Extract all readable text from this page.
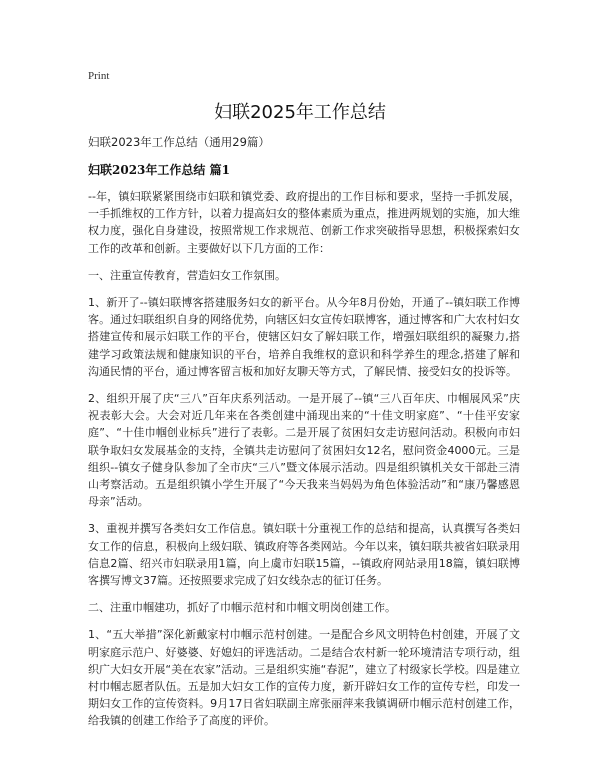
Print
妇联2025年工作总结
妇联2023年工作总结（通用29篇）
妇联2023年工作总结 篇1

--年，镇妇联紧紧围绕市妇联和镇党委、政府提出的工作目标和要求，坚持一手抓发展，一手抓维权的工作方针，以着力提高妇女的整体素质为重点，推进两规划的实施，加大维权力度，强化自身建设，按照常规工作求规范、创新工作求突破指导思想，积极探索妇女工作的改革和创新。主要做好以下几方面的工作：

一、注重宣传教育，营造妇女工作氛围。

1、新开了--镇妇联博客搭建服务妇女的新平台。从今年8月份始，开通了--镇妇联工作博客。通过妇联组织自身的网络优势，向辖区妇女宣传妇联博客，通过博客和广大农村妇女搭建宣传和展示妇联工作的平台，使辖区妇女了解妇联工作，增强妇联组织的凝聚力,搭建学习政策法规和健康知识的平台，培养自我维权的意识和科学养生的理念,搭建了解和沟通民情的平台，通过博客留言板和加好友聊天等方式，了解民情、接受妇女的投诉等。

2、组织开展了庆“三八”百年庆系列活动。一是开展了--镇“三八百年庆、巾帼展风采”庆祝表彰大会。大会对近几年来在各类创建中涌现出来的“十佳文明家庭”、“十佳平安家庭”、“十佳巾帼创业标兵”进行了表彰。二是开展了贫困妇女走访慰问活动。积极向市妇联争取妇女发展基金的支持，全镇共走访慰问了贫困妇女12名，慰问资金4000元。三是组织--镇女子健身队参加了全市庆“三八”暨文体展示活动。四是组织镇机关女干部赴三清山考察活动。五是组织镇小学生开展了“今天我来当妈妈为角色体验活动”和“康乃馨感恩母亲”活动。

3、重视并撰写各类妇女工作信息。镇妇联十分重视工作的总结和提高，认真撰写各类妇女工作的信息，积极向上级妇联、镇政府等各类网站。今年以来，镇妇联共被省妇联录用信息2篇、绍兴市妇联录用1篇，向上虞市妇联15篇，--镇政府网站录用18篇，镇妇联博客撰写博文37篇。还按照要求完成了妇女线杂志的征订任务。

二、注重巾帼建功，抓好了巾帼示范村和巾帼文明岗创建工作。

1、“五大举措”深化新戴家村巾帼示范村创建。一是配合乡风文明特色村创建，开展了文明家庭示范户、好婆婆、好媳妇的评选活动。二是结合农村新一轮环境清洁专项行动，组织广大妇女开展“美在农家”活动。三是组织实施“春泥”，建立了村级家长学校。四是建立村巾帼志愿者队伍。五是加大妇女工作的宣传力度，新开辟妇女工作的宣传专栏，印发一期妇女工作的宣传资料。9月17日省妇联副主席张丽萍来我镇调研巾帼示范村创建工作，给我镇的创建工作给予了高度的评价。
